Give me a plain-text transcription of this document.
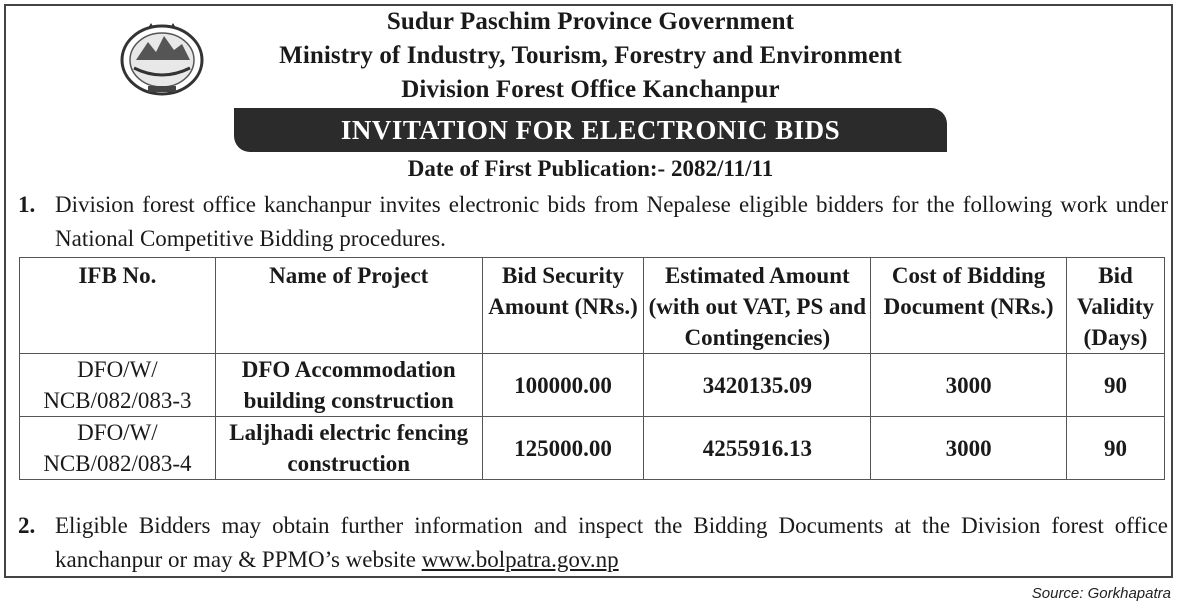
Sudur Paschim Province Government
Ministry of Industry, Tourism, Forestry and Environment
Division Forest Office Kanchanpur
INVITATION FOR ELECTRONIC BIDS
Date of First Publication:- 2082/11/11
1. Division forest office kanchanpur invites electronic bids from Nepalese eligible bidders for the following work under National Competitive Bidding procedures.
IFB No.	Name of Project	Bid Security Amount (NRs.)	Estimated Amount (with out VAT, PS and Contingencies)	Cost of Bidding Document (NRs.)	Bid Validity (Days)
DFO/W/ NCB/082/083-3	DFO Accommodation building construction	100000.00	3420135.09	3000	90
DFO/W/ NCB/082/083-4	Laljhadi electric fencing construction	125000.00	4255916.13	3000	90
2. Eligible Bidders may obtain further information and inspect the Bidding Documents at the Division forest office kanchanpur or may & PPMO’s website www.bolpatra.gov.np
Source: Gorkhapatra
